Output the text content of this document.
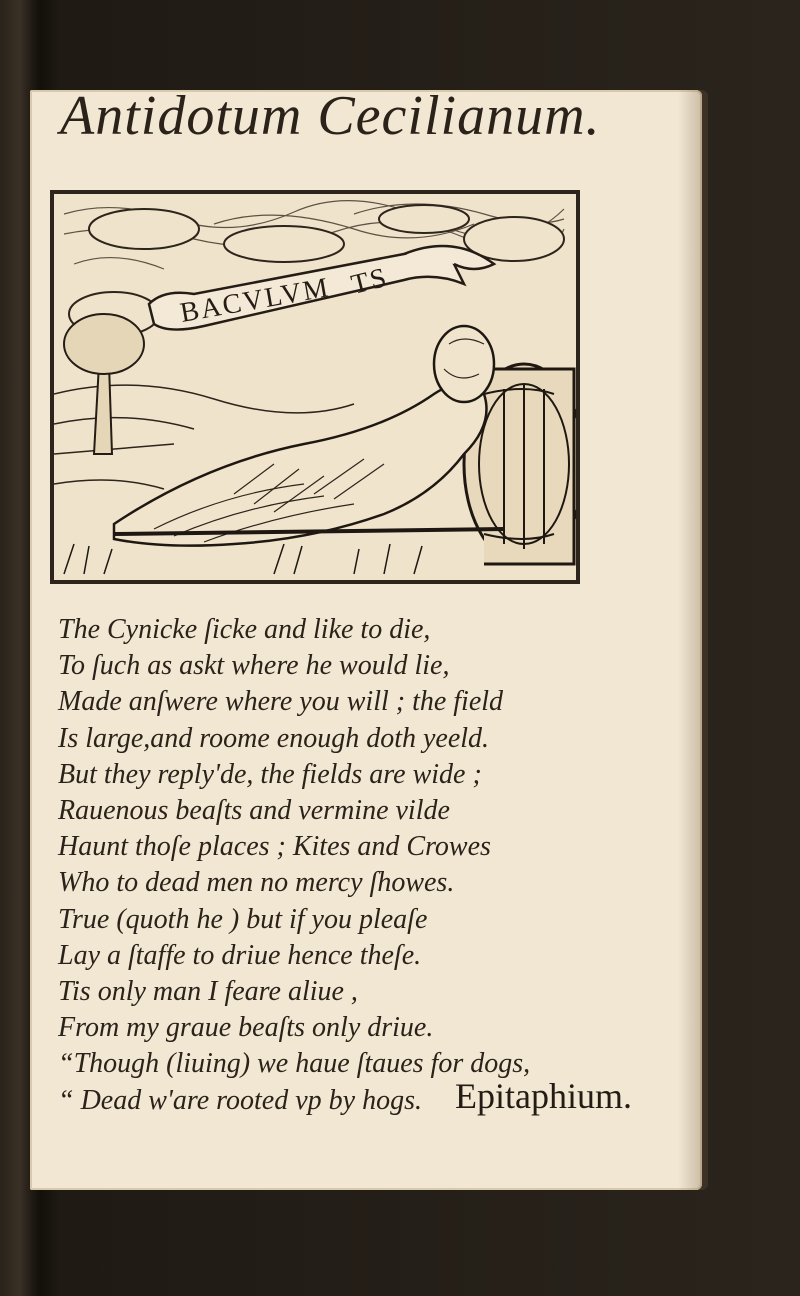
Antidotum Cecilianum.
BACVLVM TS
The Cynicke ſicke and like to die,
To ſuch as askt where he would lie,
Made anſwere where you will ; the field
Is large,and roome enough doth yeeld.
But they reply'de, the fields are wide ;
Rauenous beaſts and vermine vilde
Haunt thoſe places ; Kites and Crowes
Who to dead men no mercy ſhowes.
True (quoth he ) but if you pleaſe
Lay a ſtaffe to driue hence theſe.
Tis only man I feare aliue ,
From my graue beaſts only driue.
“Though (liuing) we haue ſtaues for dogs,
“ Dead w'are rooted vp by hogs. Epitaphium.
